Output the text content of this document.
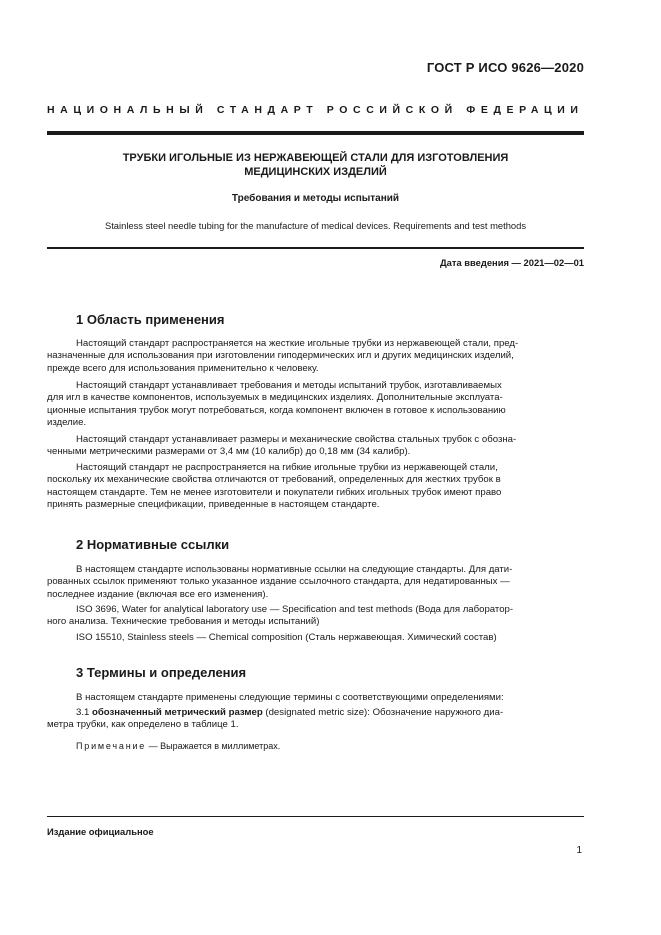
ГОСТ Р ИСО 9626—2020
НАЦИОНАЛЬНЫЙ СТАНДАРТ РОССИЙСКОЙ ФЕДЕРАЦИИ
ТРУБКИ ИГОЛЬНЫЕ ИЗ НЕРЖАВЕЮЩЕЙ СТАЛИ ДЛЯ ИЗГОТОВЛЕНИЯ
МЕДИЦИНСКИХ ИЗДЕЛИЙ
Требования и методы испытаний
Stainless steel needle tubing for the manufacture of medical devices. Requirements and test methods
Дата введения — 2021—02—01
1 Область применения
Настоящий стандарт распространяется на жесткие игольные трубки из нержавеющей стали, пред-
назначенные для использования при изготовлении гиподермических игл и других медицинских изделий,
прежде всего для использования применительно к человеку.
Настоящий стандарт устанавливает требования и методы испытаний трубок, изготавливаемых
для игл в качестве компонентов, используемых в медицинских изделиях. Дополнительные эксплуата-
ционные испытания трубок могут потребоваться, когда компонент включен в готовое к использованию
изделие.
Настоящий стандарт устанавливает размеры и механические свойства стальных трубок с обозна-
ченными метрическими размерами от 3,4 мм (10 калибр) до 0,18 мм (34 калибр).
Настоящий стандарт не распространяется на гибкие игольные трубки из нержавеющей стали,
поскольку их механические свойства отличаются от требований, определенных для жестких трубок в
настоящем стандарте. Тем не менее изготовители и покупатели гибких игольных трубок имеют право
принять размерные спецификации, приведенные в настоящем стандарте.
2 Нормативные ссылки
В настоящем стандарте использованы нормативные ссылки на следующие стандарты. Для дати-
рованных ссылок применяют только указанное издание ссылочного стандарта, для недатированных —
последнее издание (включая все его изменения).
ISO 3696, Water for analytical laboratory use — Specification and test methods (Вода для лаборатор-
ного анализа. Технические требования и методы испытаний)
ISO 15510, Stainless steels — Chemical composition (Сталь нержавеющая. Химический состав)
3 Термины и определения
В настоящем стандарте применены следующие термины с соответствующими определениями:
3.1 обозначенный метрический размер (designated metric size): Обозначение наружного диа-
метра трубки, как определено в таблице 1.
Примечание — Выражается в миллиметрах.
Издание официальное
1
